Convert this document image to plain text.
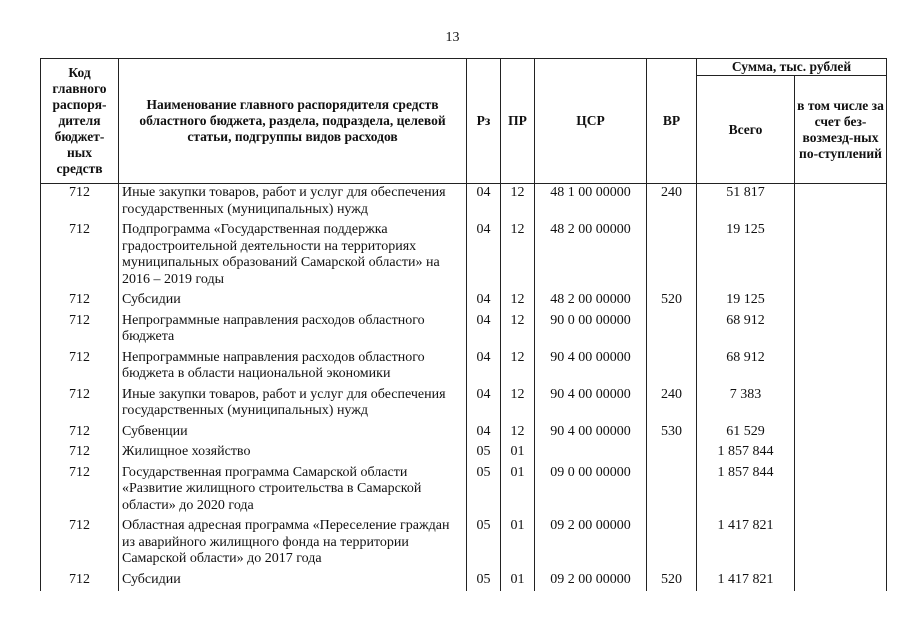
13
Код главного распоря-дителя бюджет-ных средств	Наименование главного распорядителя средств областного бюджета, раздела, подраздела, целевой статьи, подгруппы видов расходов	Рз	ПР	ЦСР	ВР	Сумма, тыс. рублей	
						Всего	в том числе за счет без-возмезд-ных по-ступлений
712	Иные закупки товаров, работ и услуг для обеспечения государственных (муниципальных) нужд	04	12	48 1 00 00000	240	51 817	
712	Подпрограмма «Государственная поддержка градостроительной деятельности на территориях муниципальных образований Самарской области» на 2016 – 2019 годы	04	12	48 2 00 00000		19 125	
712	Субсидии	04	12	48 2 00 00000	520	19 125	
712	Непрограммные направления расходов областного бюджета	04	12	90 0 00 00000		68 912	
712	Непрограммные направления расходов областного бюджета в области национальной экономики	04	12	90 4 00 00000		68 912	
712	Иные закупки товаров, работ и услуг для обеспечения государственных (муниципальных) нужд	04	12	90 4 00 00000	240	7 383	
712	Субвенции	04	12	90 4 00 00000	530	61 529	
712	Жилищное хозяйство	05	01			1 857 844	
712	Государственная программа Самарской области «Развитие жилищного строительства в Самарской области» до 2020 года	05	01	09 0 00 00000		1 857 844	
712	Областная адресная программа «Переселение граждан из аварийного жилищного фонда на территории Самарской области» до 2017 года	05	01	09 2 00 00000		1 417 821	
712	Субсидии	05	01	09 2 00 00000	520	1 417 821	
